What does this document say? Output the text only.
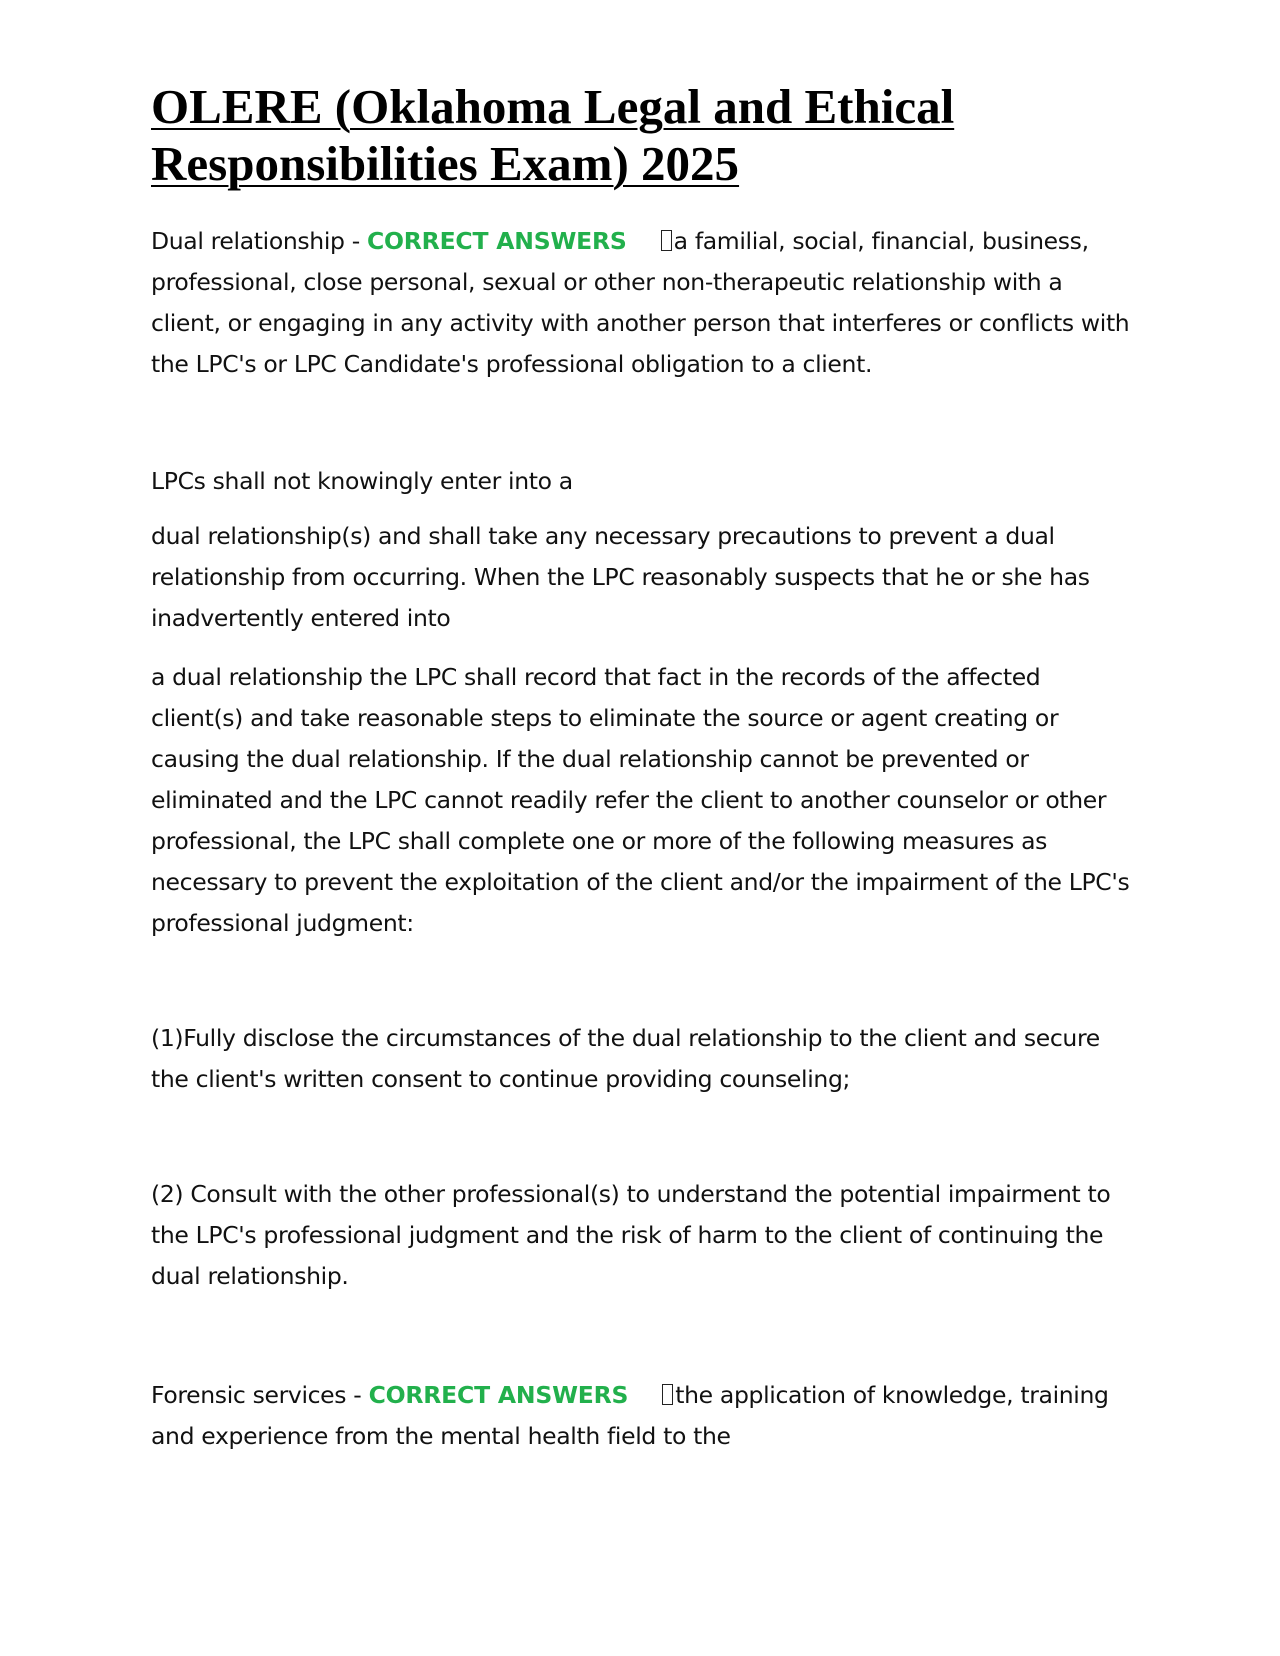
OLERE (Oklahoma Legal and Ethical
Responsibilities Exam) 2025

Dual relationship - CORRECT ANSWERS a familial, social, financial, business, professional, close personal, sexual or other non-therapeutic relationship with a client, or engaging in any activity with another person that interferes or conflicts with the LPC's or LPC Candidate's professional obligation to a client.

LPCs shall not knowingly enter into a

dual relationship(s) and shall take any necessary precautions to prevent a dual relationship from occurring. When the LPC reasonably suspects that he or she has inadvertently entered into

a dual relationship the LPC shall record that fact in the records of the affected client(s) and take reasonable steps to eliminate the source or agent creating or causing the dual relationship. If the dual relationship cannot be prevented or eliminated and the LPC cannot readily refer the client to another counselor or other professional, the LPC shall complete one or more of the following measures as necessary to prevent the exploitation of the client and/or the impairment of the LPC's professional judgment:

(1)Fully disclose the circumstances of the dual relationship to the client and secure the client's written consent to continue providing counseling;

(2) Consult with the other professional(s) to understand the potential impairment to the LPC's professional judgment and the risk of harm to the client of continuing the dual relationship.

Forensic services - CORRECT ANSWERS the application of knowledge, training and experience from the mental health field to the
